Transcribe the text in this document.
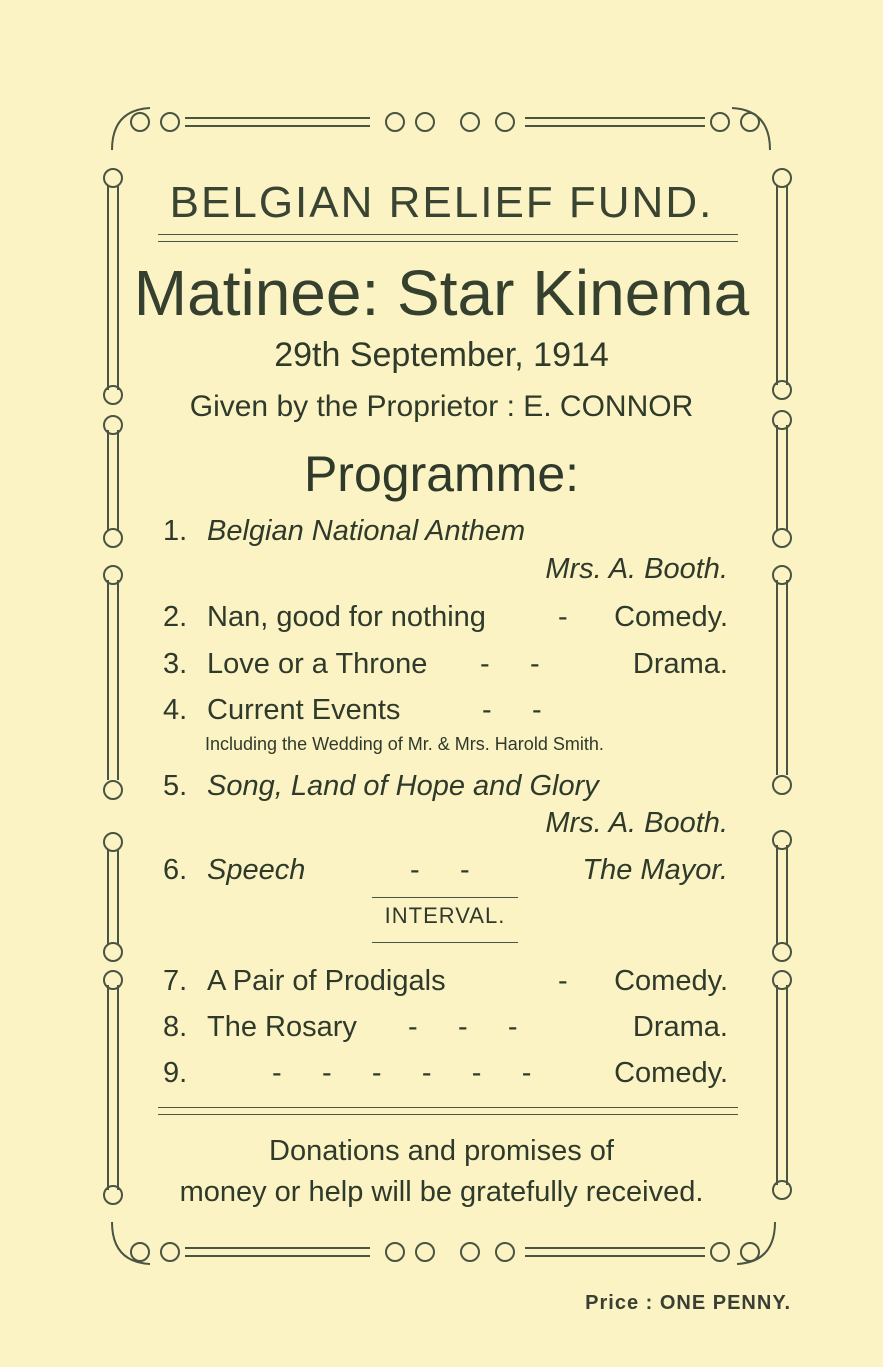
BELGIAN RELIEF FUND.
Matinee: Star Kinema
29th September, 1914
Given by the Proprietor : E. CONNOR
Programme:
1. Belgian National Anthem
Mrs. A. Booth.
2. Nan, good for nothing - Comedy.
3. Love or a Throne -     -	Drama.
4. Current Events	-     -
Including the Wedding of Mr. & Mrs. Harold Smith.
5. Song, Land of Hope and Glory
Mrs. A. Booth.
6. Speech	-     -	The Mayor.
INTERVAL.
7. A Pair of Prodigals	- Comedy.
8. The Rosary -     -     -	Drama.
9.	-     -     -     -     -     -	Comedy.
Donations and promises of
money or help will be gratefully received.
Price : ONE PENNY.
